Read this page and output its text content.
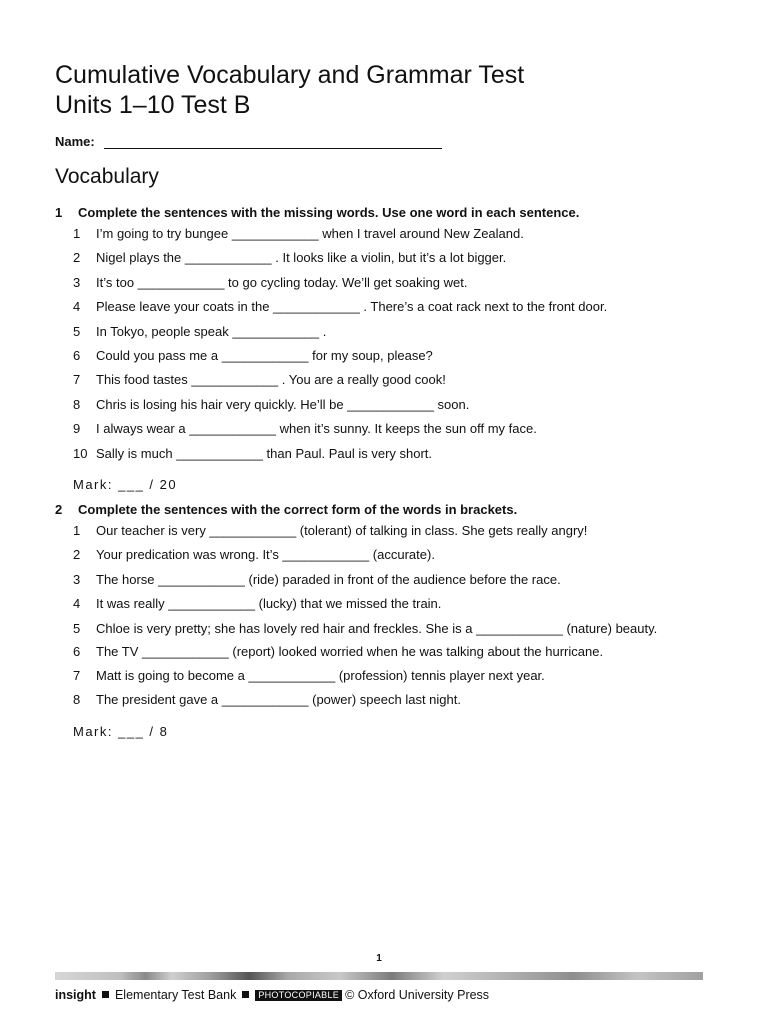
Cumulative Vocabulary and Grammar Test
Units 1–10 Test B
Name:
Vocabulary
1 Complete the sentences with the missing words. Use one word in each sentence.
1	I’m going to try bungee ____________ when I travel around New Zealand.
2	Nigel plays the ____________ . It looks like a violin, but it’s a lot bigger.
3	It’s too ____________ to go cycling today. We’ll get soaking wet.
4	Please leave your coats in the ____________ . There’s a coat rack next to the front door.
5	In Tokyo, people speak ____________ .
6	Could you pass me a ____________ for my soup, please?
7	This food tastes ____________ . You are a really good cook!
8	Chris is losing his hair very quickly. He’ll be ____________ soon.
9	I always wear a ____________ when it’s sunny. It keeps the sun off my face.
10 Sally is much ____________ than Paul. Paul is very short.
Mark: ___ / 20
2 Complete the sentences with the correct form of the words in brackets.
1	Our teacher is very ____________ (tolerant) of talking in class. She gets really angry!
2	Your predication was wrong. It’s ____________ (accurate).
3	The horse ____________ (ride) paraded in front of the audience before the race.
4	It was really ____________ (lucky) that we missed the train.
5	Chloe is very pretty; she has lovely red hair and freckles. She is a ____________ (nature) beauty.
6	The TV ____________ (report) looked worried when he was talking about the hurricane.
7	Matt is going to become a ____________ (profession) tennis player next year.
8	The president gave a ____________ (power) speech last night.
Mark: ___ / 8
1
insight Elementary Test Bank PHOTOCOPIABLE © Oxford University Press
